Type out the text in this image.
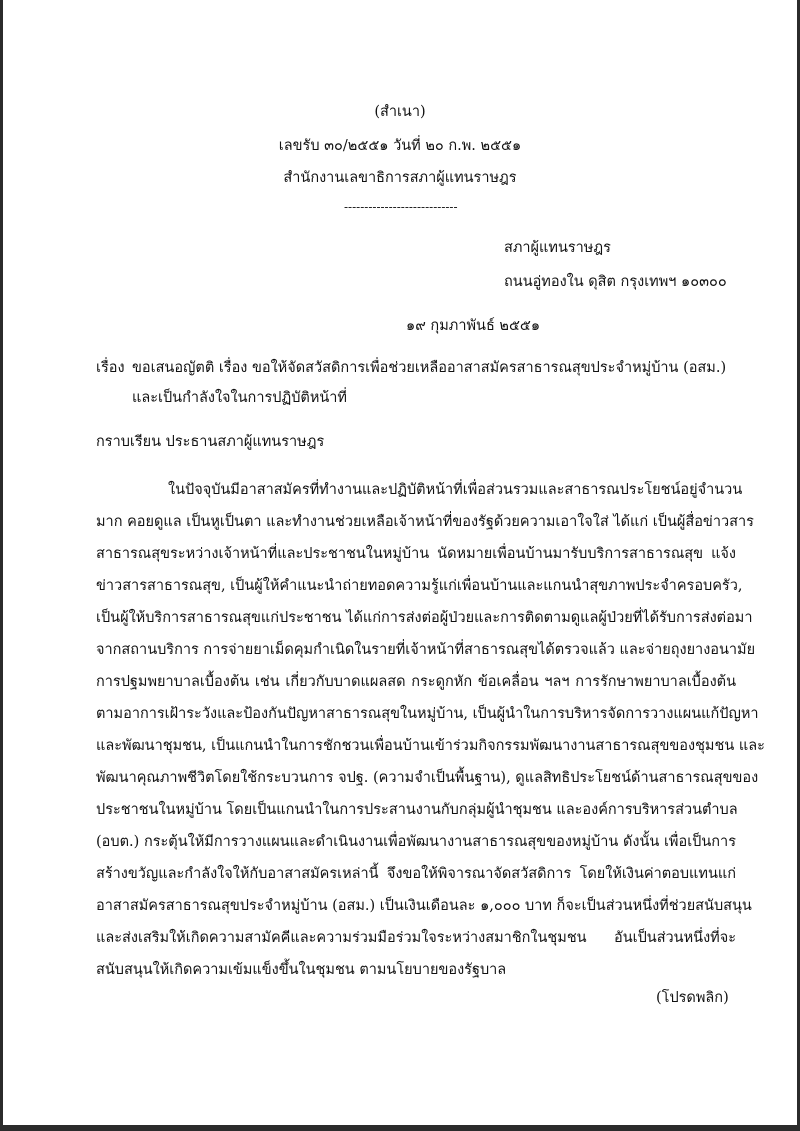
(สำเนา)
เลขรับ ๓๐/๒๕๕๑ วันที่ ๒๐ ก.พ. ๒๕๕๑
สำนักงานเลขาธิการสภาผู้แทนราษฎร
----------------------------
สภาผู้แทนราษฎร
ถนนอู่ทองใน ดุสิต กรุงเทพฯ ๑๐๓๐๐
๑๙ กุมภาพันธ์ ๒๕๕๑
เรื่อง ขอเสนอญัตติ เรื่อง ขอให้จัดสวัสดิการเพื่อช่วยเหลืออาสาสมัครสาธารณสุขประจำหมู่บ้าน (อสม.)
และเป็นกำลังใจในการปฏิบัติหน้าที่
กราบเรียน ประธานสภาผู้แทนราษฎร
ในปัจจุบันมีอาสาสมัครที่ทำงานและปฏิบัติหน้าที่เพื่อส่วนรวมและสาธารณประโยชน์อยู่จำนวน
มาก คอยดูแล เป็นหูเป็นตา และทำงานช่วยเหลือเจ้าหน้าที่ของรัฐด้วยความเอาใจใส่ ได้แก่ เป็นผู้สื่อข่าวสาร
สาธารณสุขระหว่างเจ้าหน้าที่และประชาชนในหมู่บ้าน นัดหมายเพื่อนบ้านมารับบริการสาธารณสุข แจ้ง
ข่าวสารสาธารณสุข, เป็นผู้ให้คำแนะนำถ่ายทอดความรู้แก่เพื่อนบ้านและแกนนำสุขภาพประจำครอบครัว,
เป็นผู้ให้บริการสาธารณสุขแก่ประชาชน ได้แก่การส่งต่อผู้ป่วยและการติดตามดูแลผู้ป่วยที่ได้รับการส่งต่อมา
จากสถานบริการ การจ่ายยาเม็ดคุมกำเนิดในรายที่เจ้าหน้าที่สาธารณสุขได้ตรวจแล้ว และจ่ายถุงยางอนามัย
การปฐมพยาบาลเบื้องต้น เช่น เกี่ยวกับบาดแผลสด กระดูกหัก ข้อเคลื่อน ฯลฯ การรักษาพยาบาลเบื้องต้น
ตามอาการเฝ้าระวังและป้องกันปัญหาสาธารณสุขในหมู่บ้าน, เป็นผู้นำในการบริหารจัดการวางแผนแก้ปัญหา
และพัฒนาชุมชน, เป็นแกนนำในการชักชวนเพื่อนบ้านเข้าร่วมกิจกรรมพัฒนางานสาธารณสุขของชุมชน และ
พัฒนาคุณภาพชีวิตโดยใช้กระบวนการ จปฐ. (ความจำเป็นพื้นฐาน), ดูแลสิทธิประโยชน์ด้านสาธารณสุขของ
ประชาชนในหมู่บ้าน โดยเป็นแกนนำในการประสานงานกับกลุ่มผู้นำชุมชน และองค์การบริหารส่วนตำบล
(อบต.) กระตุ้นให้มีการวางแผนและดำเนินงานเพื่อพัฒนางานสาธารณสุขของหมู่บ้าน ดังนั้น เพื่อเป็นการ
สร้างขวัญและกำลังใจให้กับอาสาสมัครเหล่านี้ จึงขอให้พิจารณาจัดสวัสดิการ โดยให้เงินค่าตอบแทนแก่
อาสาสมัครสาธารณสุขประจำหมู่บ้าน (อสม.) เป็นเงินเดือนละ ๑,๐๐๐ บาท ก็จะเป็นส่วนหนึ่งที่ช่วยสนับสนุน
และส่งเสริมให้เกิดความสามัคคีและความร่วมมือร่วมใจระหว่างสมาชิกในชุมชน อันเป็นส่วนหนึ่งที่จะ
สนับสนุนให้เกิดความเข้มแข็งขึ้นในชุมชน ตามนโยบายของรัฐบาล
(โปรดพลิก)
